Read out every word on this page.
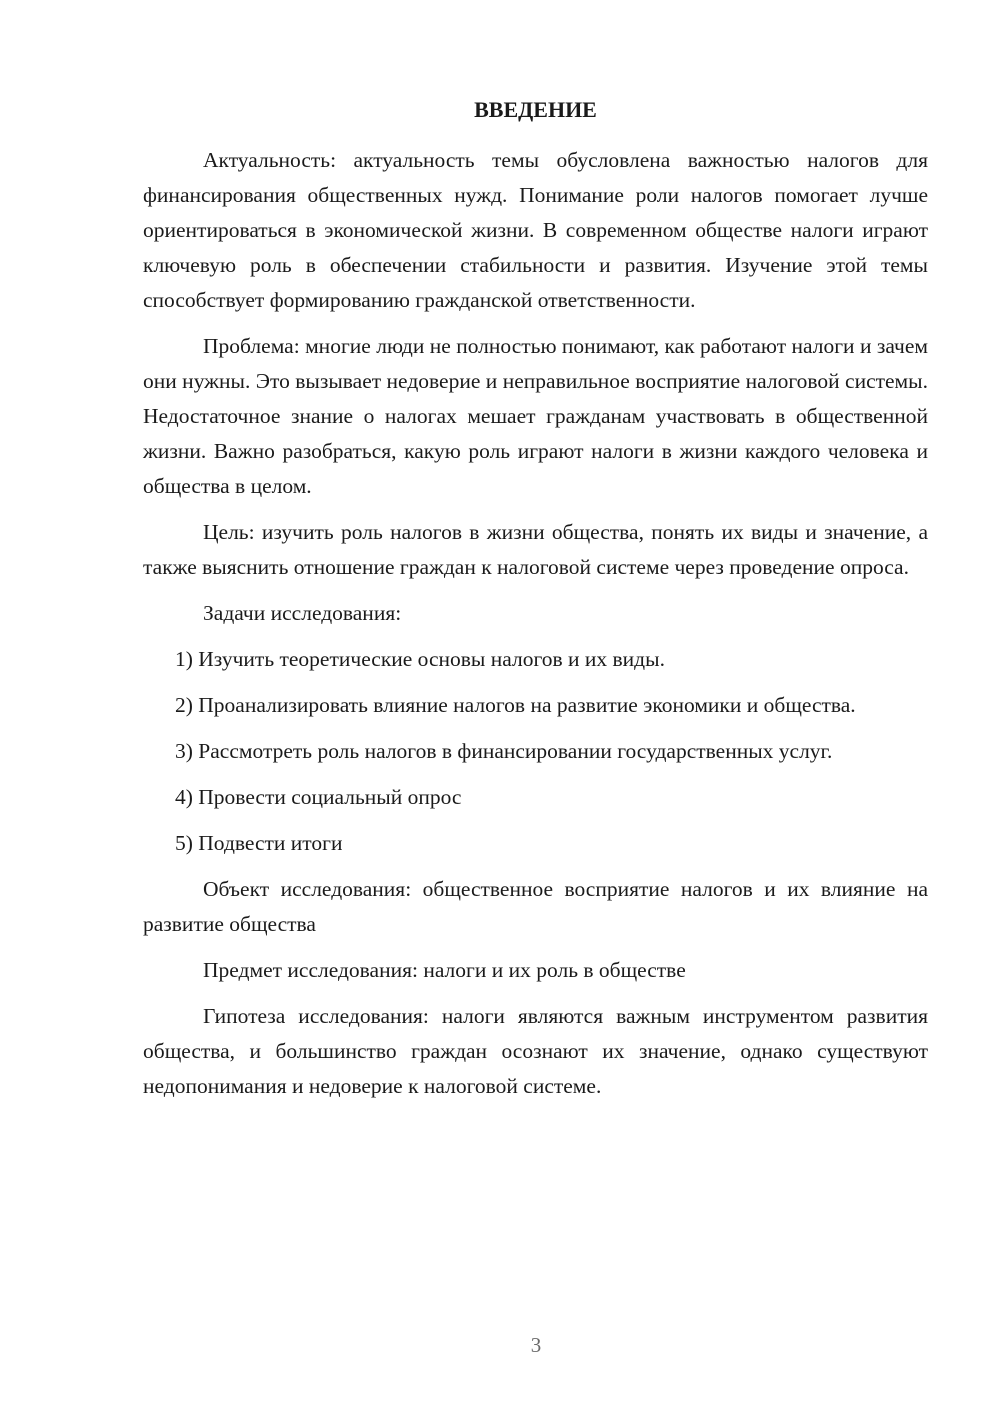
ВВЕДЕНИЕ

Актуальность: актуальность темы обусловлена важностью налогов для финансирования общественных нужд. Понимание роли налогов помогает лучше ориентироваться в экономической жизни. В современном обществе налоги играют ключевую роль в обеспечении стабильности и развития. Изучение этой темы способствует формированию гражданской ответственности.

Проблема: многие люди не полностью понимают, как работают налоги и зачем они нужны. Это вызывает недоверие и неправильное восприятие налоговой системы. Недостаточное знание о налогах мешает гражданам участвовать в общественной жизни. Важно разобраться, какую роль играют налоги в жизни каждого человека и общества в целом.

Цель: изучить роль налогов в жизни общества, понять их виды и значение, а также выяснить отношение граждан к налоговой системе через проведение опроса.

Задачи исследования:

1) Изучить теоретические основы налогов и их виды.

2) Проанализировать влияние налогов на развитие экономики и общества.

3) Рассмотреть роль налогов в финансировании государственных услуг.

4) Провести социальный опрос

5) Подвести итоги

Объект исследования: общественное восприятие налогов и их влияние на развитие общества

Предмет исследования: налоги и их роль в обществе

Гипотеза исследования: налоги являются важным инструментом развития общества, и большинство граждан осознают их значение, однако существуют недопонимания и недоверие к налоговой системе.

3
